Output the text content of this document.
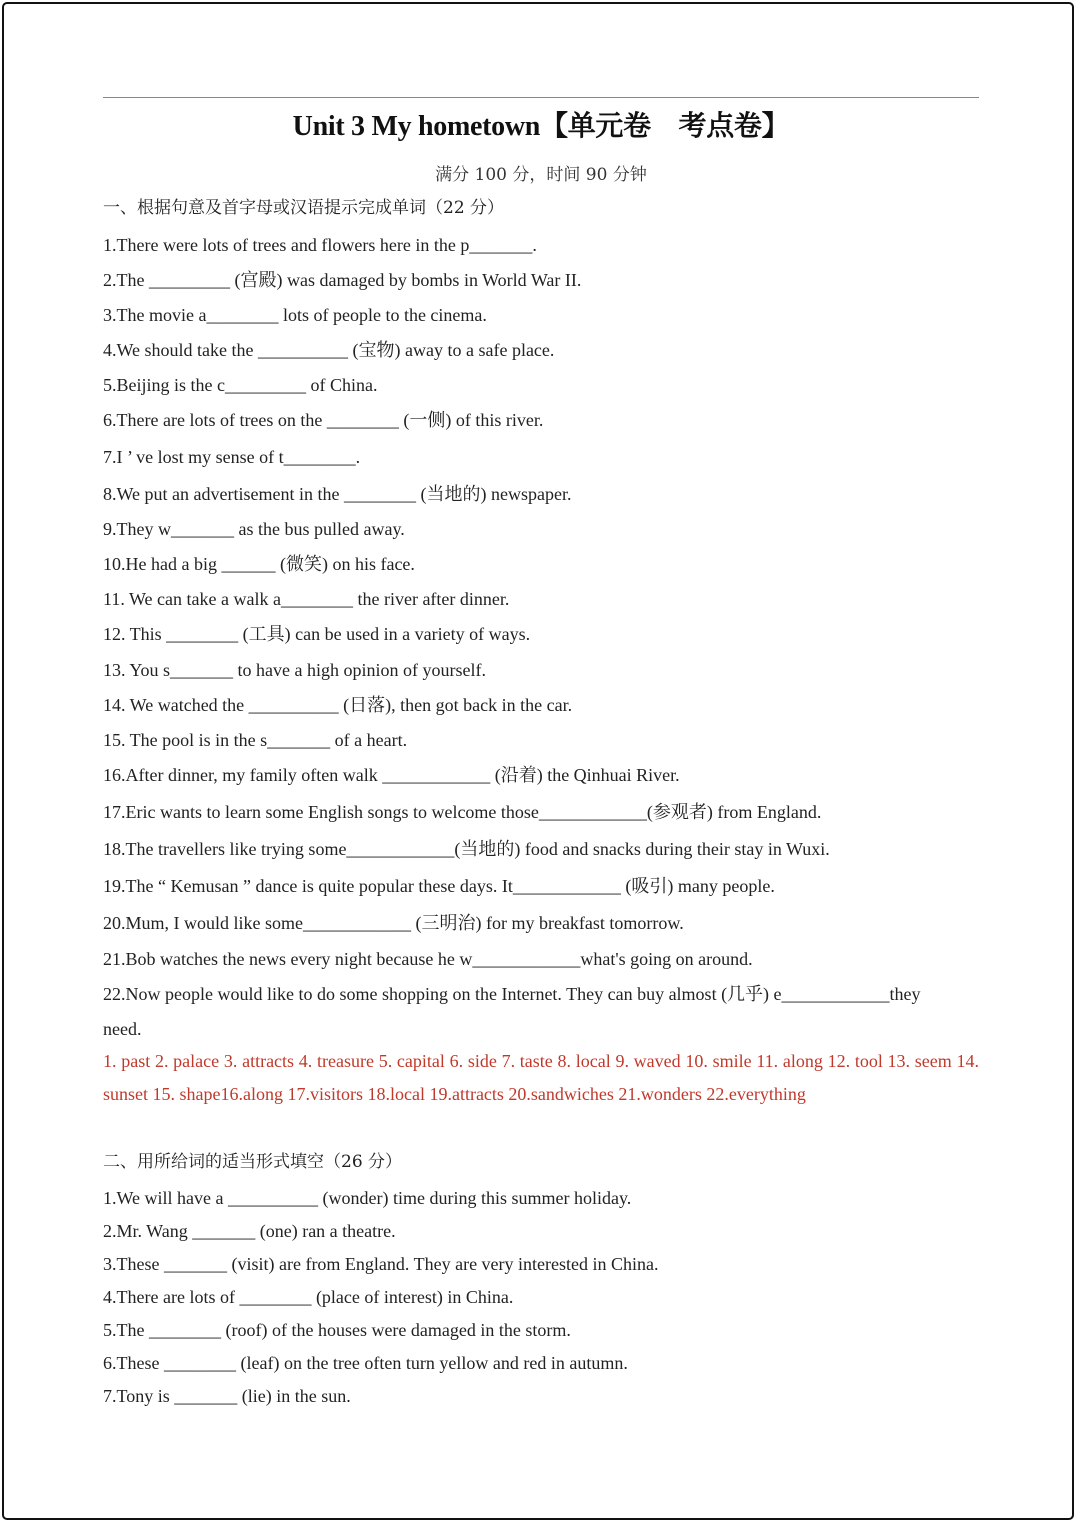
Unit 3 My hometown【单元卷　考点卷】
满分 100 分，时间 90 分钟
一、根据句意及首字母或汉语提示完成单词（22 分）
1.There were lots of trees and flowers here in the p_______.
2.The _________ (宫殿) was damaged by bombs in World War II.
3.The movie a________ lots of people to the cinema.
4.We should take the __________ (宝物) away to a safe place.
5.Beijing is the c_________ of China.
6.There are lots of trees on the ________ (一侧) of this river.
7.I ’ ve lost my sense of t________.
8.We put an advertisement in the ________ (当地的) newspaper.
9.They w_______ as the bus pulled away.
10.He had a big ______ (微笑) on his face.
11. We can take a walk a________ the river after dinner.
12. This ________ (工具) can be used in a variety of ways.
13. You s_______ to have a high opinion of yourself.
14. We watched the __________ (日落), then got back in the car.
15. The pool is in the s_______ of a heart.
16.After dinner, my family often walk ____________ (沿着) the Qinhuai River.
17.Eric wants to learn some English songs to welcome those____________(参观者) from England.
18.The travellers like trying some____________(当地的) food and snacks during their stay in Wuxi.
19.The “ Kemusan ” dance is quite popular these days. It____________ (吸引) many people.
20.Mum, I would like some____________ (三明治) for my breakfast tomorrow.
21.Bob watches the news every night because he w____________what's going on around.
22.Now people would like to do some shopping on the Internet. They can buy almost (几乎) e____________they
need.
1. past 2. palace 3. attracts 4. treasure 5. capital 6. side 7. taste 8. local 9. waved 10. smile 11. along 12. tool 13. seem 14. sunset 15. shape16.along 17.visitors 18.local 19.attracts 20.sandwiches 21.wonders 22.everything
二、用所给词的适当形式填空（26 分）
1.We will have a __________ (wonder) time during this summer holiday.
2.Mr. Wang _______ (one) ran a theatre.
3.These _______ (visit) are from England. They are very interested in China.
4.There are lots of ________ (place of interest) in China.
5.The ________ (roof) of the houses were damaged in the storm.
6.These ________ (leaf) on the tree often turn yellow and red in autumn.
7.Tony is _______ (lie) in the sun.
